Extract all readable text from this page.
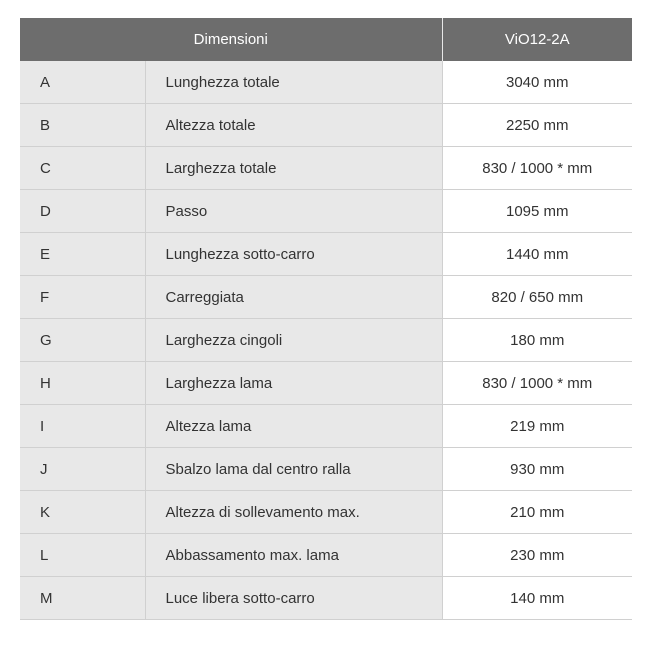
Dimensioni		ViO12-2A
A	Lunghezza totale	3040 mm
B	Altezza totale	2250 mm
C	Larghezza totale	830 / 1000 * mm
D	Passo	1095 mm
E	Lunghezza sotto-carro	1440 mm
F	Carreggiata	820 / 650 mm
G	Larghezza cingoli	180 mm
H	Larghezza lama	830 / 1000 * mm
I	Altezza lama	219 mm
J	Sbalzo lama dal centro ralla	930 mm
K	Altezza di sollevamento max.	210 mm
L	Abbassamento max. lama	230 mm
M	Luce libera sotto-carro	140 mm
